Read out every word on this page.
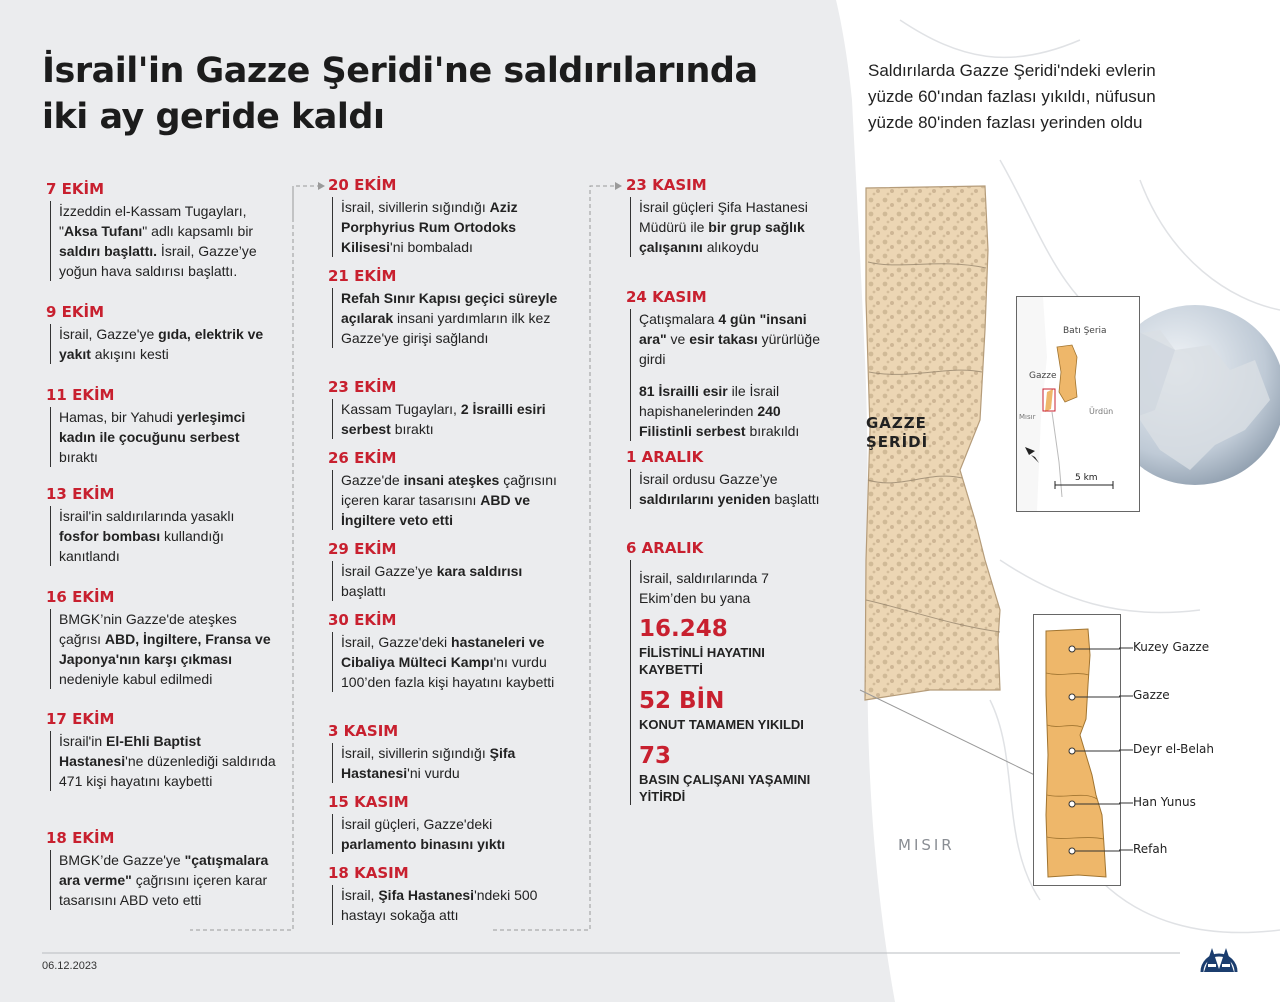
İsrail'in Gazze Şeridi'ne saldırılarında
iki ay geride kaldı
Saldırılarda Gazze Şeridi'ndeki evlerin
yüzde 60'ından fazlası yıkıldı, nüfusun
yüzde 80'inden fazlası yerinden oldu
7 EKİM
İzzeddin el-Kassam Tugayları, "Aksa Tufanı" adlı kapsamlı bir saldırı başlattı. İsrail, Gazze’ye yoğun hava saldırısı başlattı.
9 EKİM
İsrail, Gazze'ye gıda, elektrik ve yakıt akışını kesti
11 EKİM
Hamas, bir Yahudi yerleşimci kadın ile çocuğunu serbest bıraktı
13 EKİM
İsrail'in saldırılarında yasaklı fosfor bombası kullandığı kanıtlandı
16 EKİM
BMGK’nin Gazze'de ateşkes çağrısı ABD, İngiltere, Fransa ve Japonya'nın karşı çıkması nedeniyle kabul edilmedi
17 EKİM
İsrail'in El-Ehli Baptist Hastanesi'ne düzenlediği saldırıda 471 kişi hayatını kaybetti
18 EKİM
BMGK’de Gazze'ye "çatışmalara ara verme" çağrısını içeren karar tasarısını ABD veto etti
20 EKİM
İsrail, sivillerin sığındığı Aziz Porphyrius Rum Ortodoks Kilisesi'ni bombaladı
21 EKİM
Refah Sınır Kapısı geçici süreyle açılarak insani yardımların ilk kez Gazze'ye girişi sağlandı
23 EKİM
Kassam Tugayları, 2 İsrailli esiri serbest bıraktı
26 EKİM
Gazze'de insani ateşkes çağrısını içeren karar tasarısını ABD ve İngiltere veto etti
29 EKİM
İsrail Gazze’ye kara saldırısı başlattı
30 EKİM
İsrail, Gazze'deki hastaneleri ve Cibaliya Mülteci Kampı'nı vurdu 100’den fazla kişi hayatını kaybetti
3 KASIM
İsrail, sivillerin sığındığı Şifa Hastanesi'ni vurdu
15 KASIM
İsrail güçleri, Gazze'deki parlamento binasını yıktı
18 KASIM
İsrail, Şifa Hastanesi'ndeki 500 hastayı sokağa attı
23 KASIM
İsrail güçleri Şifa Hastanesi Müdürü ile bir grup sağlık çalışanını alıkoydu
24 KASIM
Çatışmalara 4 gün "insani ara" ve esir takası yürürlüğe girdi
81 İsrailli esir ile İsrail hapishanelerinden 240 Filistinli serbest bırakıldı
1 ARALIK
İsrail ordusu Gazze’ye saldırılarını yeniden başlattı
6 ARALIK
İsrail, saldırılarında 7 Ekim’den bu yana
16.248
FİLİSTİNLİ HAYATINI KAYBETTİ
52 BİN
KONUT TAMAMEN YIKILDI
73
BASIN ÇALIŞANI YAŞAMINI YİTİRDİ
GAZZE
ŞERİDİ
MISIR
Batı Şeria
Gazze
Ürdün
Mısır
5 km
Kuzey Gazze
Gazze
Deyr el-Belah
Han Yunus
Refah
06.12.2023
